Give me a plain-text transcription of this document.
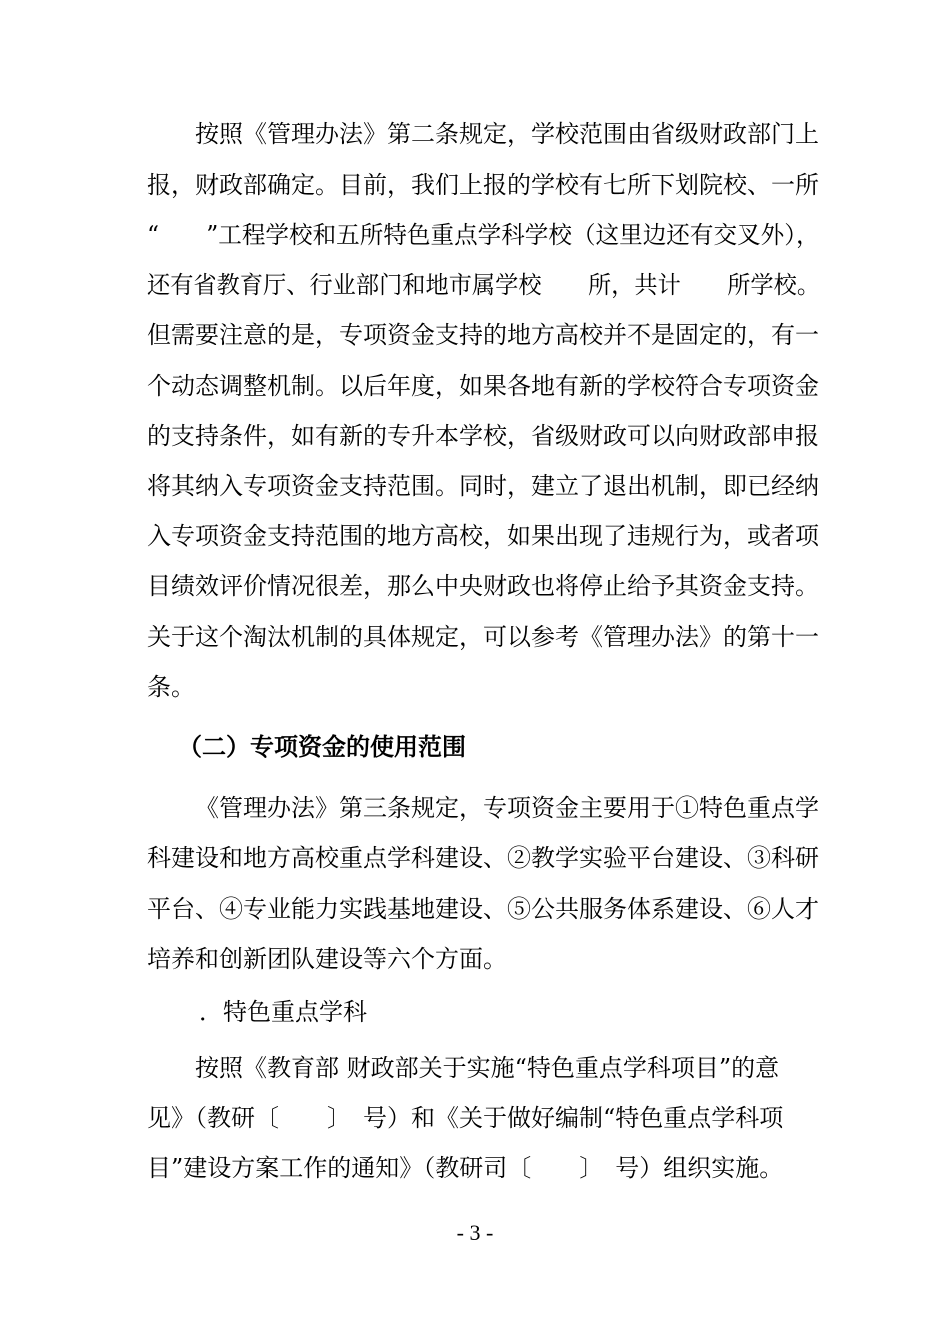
按照《管理办法》第二条规定，学校范围由省级财政部门上
报，财政部确定。目前，我们上报的学校有七所下划院校、一所
“　　”工程学校和五所特色重点学科学校（这里边还有交叉外），
还有省教育厅、行业部门和地市属学校　　所，共计　　所学校。
但需要注意的是，专项资金支持的地方高校并不是固定的，有一
个动态调整机制。以后年度，如果各地有新的学校符合专项资金
的支持条件，如有新的专升本学校，省级财政可以向财政部申报
将其纳入专项资金支持范围。同时，建立了退出机制，即已经纳
入专项资金支持范围的地方高校，如果出现了违规行为，或者项
目绩效评价情况很差，那么中央财政也将停止给予其资金支持。
关于这个淘汰机制的具体规定，可以参考《管理办法》的第十一
条。
（二）专项资金的使用范围
《管理办法》第三条规定，专项资金主要用于①特色重点学
科建设和地方高校重点学科建设、②教学实验平台建设、③科研
平台、④专业能力实践基地建设、⑤公共服务体系建设、⑥人才
培养和创新团队建设等六个方面。
．特色重点学科
按照《教育部 财政部关于实施“特色重点学科项目”的意
见》（教研〔　　〕　号）和《关于做好编制“特色重点学科项
目”建设方案工作的通知》（教研司〔　　〕　号）组织实施。
- 3 -
